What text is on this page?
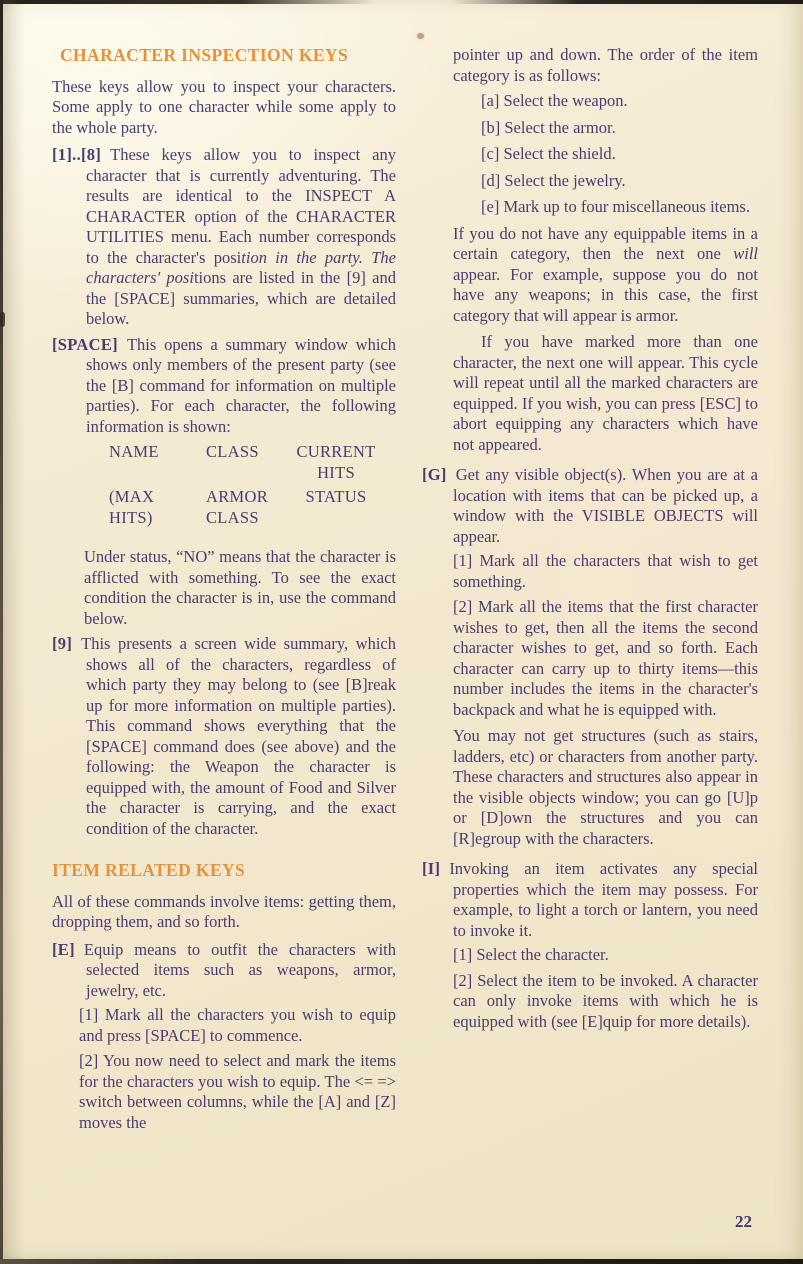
CHARACTER INSPECTION KEYS

These keys allow you to inspect your characters. Some apply to one character while some apply to the whole party.

[1]..[8] These keys allow you to inspect any character that is currently adventuring. The results are identical to the INSPECT A CHARACTER option of the CHARACTER UTILITIES menu. Each number corresponds to the character's position in the party. The characters' positions are listed in the [9] and the [SPACE] summaries, which are detailed below.

[SPACE] This opens a summary window which shows only members of the present party (see the [B] command for information on multiple parties). For each character, the following information is shown:

NAME	CLASS	CURRENT HITS
(MAX HITS)
ARMOR CLASS
STATUS

Under status, “NO” means that the character is afflicted with something. To see the exact condition the character is in, use the command below.

[9] This presents a screen wide summary, which shows all of the characters, regardless of which party they may belong to (see [B]reak up for more information on multiple parties). This command shows everything that the [SPACE] command does (see above) and the following: the Weapon the character is equipped with, the amount of Food and Silver the character is carrying, and the exact condition of the character.

ITEM RELATED KEYS

All of these commands involve items: getting them, dropping them, and so forth.

[E] Equip means to outfit the characters with selected items such as weapons, armor, jewelry, etc.

[1] Mark all the characters you wish to equip and press [SPACE] to commence.

[2] You now need to select and mark the items for the characters you wish to equip. The <= => switch between columns, while the [A] and [Z] moves the

pointer up and down. The order of the item category is as follows:

[a] Select the weapon.

[b] Select the armor.

[c] Select the shield.

[d] Select the jewelry.

[e] Mark up to four miscellaneous items.

If you do not have any equippable items in a certain category, then the next one will appear. For example, suppose you do not have any weapons; in this case, the first category that will appear is armor.

If you have marked more than one character, the next one will appear. This cycle will repeat until all the marked characters are equipped. If you wish, you can press [ESC] to abort equipping any characters which have not appeared.

[G] Get any visible object(s). When you are at a location with items that can be picked up, a window with the VISIBLE OBJECTS will appear.

[1] Mark all the characters that wish to get something.

[2] Mark all the items that the first character wishes to get, then all the items the second character wishes to get, and so forth. Each character can carry up to thirty items—this number includes the items in the character's backpack and what he is equipped with.

You may not get structures (such as stairs, ladders, etc) or characters from another party. These characters and structures also appear in the visible objects window; you can go [U]p or [D]own the structures and you can [R]egroup with the characters.

[I] Invoking an item activates any special properties which the item may possess. For example, to light a torch or lantern, you need to invoke it.

[1] Select the character.

[2] Select the item to be invoked. A character can only invoke items with which he is equipped with (see [E]quip for more details).

22
